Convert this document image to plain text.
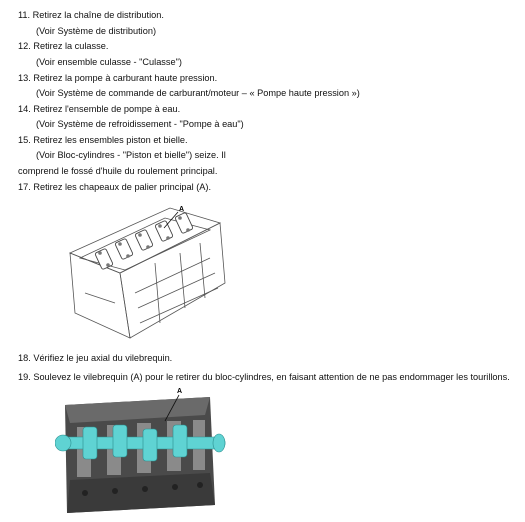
11. Retirez la chaîne de distribution.
(Voir Système de distribution)
12. Retirez la culasse.
(Voir ensemble culasse - "Culasse")
13. Retirez la pompe à carburant haute pression.
(Voir Système de commande de carburant/moteur – « Pompe haute pression »)
14. Retirez l'ensemble de pompe à eau.
(Voir Système de refroidissement - "Pompe à eau")
15. Retirez les ensembles piston et bielle.
(Voir Bloc-cylindres - "Piston et bielle") seize. Il
comprend le fossé d'huile du roulement principal.
17. Retirez les chapeaux de palier principal (A).
A
18. Vérifiez le jeu axial du vilebrequin.
19. Soulevez le vilebrequin (A) pour le retirer du bloc-cylindres, en faisant attention de ne pas endommager les tourillons.
A
